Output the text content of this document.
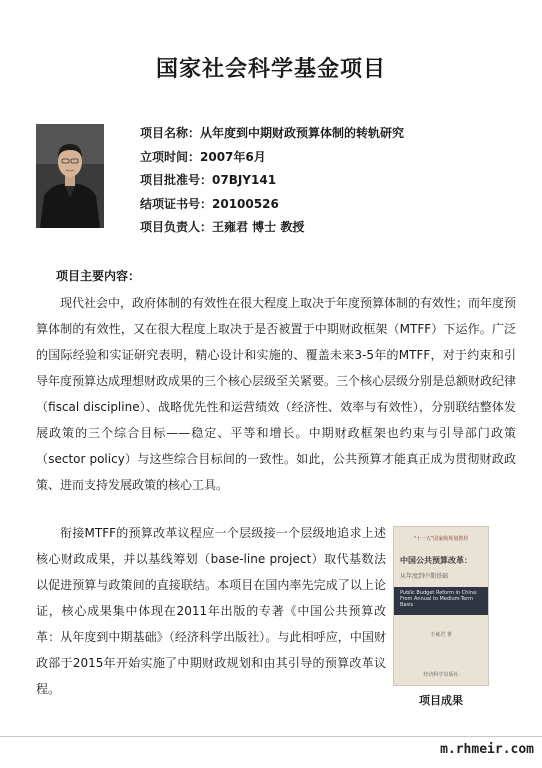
国家社会科学基金项目
项目名称：从年度到中期财政预算体制的转轨研究
立项时间：2007年6月
项目批准号：07BJY141
结项证书号：20100526
项目负责人：王雍君 博士 教授
项目主要内容：

现代社会中，政府体制的有效性在很大程度上取决于年度预算体制的有效性；而年度预算体制的有效性，又在很大程度上取决于是否被置于中期财政框架（MTFF）下运作。广泛的国际经验和实证研究表明，精心设计和实施的、覆盖未来3-5年的MTFF，对于约束和引导年度预算达成理想财政成果的三个核心层级至关紧要。三个核心层级分别是总额财政纪律（fiscal discipline）、战略优先性和运营绩效（经济性、效率与有效性），分别联结整体发展政策的三个综合目标——稳定、平等和增长。中期财政框架也约束与引导部门政策（sector policy）与这些综合目标间的一致性。如此，公共预算才能真正成为贯彻财政政策、进而支持发展政策的核心工具。

衔接MTFF的预算改革议程应一个层级接一个层级地追求上述核心财政成果，并以基线筹划（base-line project）取代基数法以促进预算与政策间的直接联结。本项目在国内率先完成了以上论证，核心成果集中体现在2011年出版的专著《中国公共预算改革：从年度到中期基础》（经济科学出版社）。与此相呼应，中国财政部于2015年开始实施了中期财政规划和由其引导的预算改革议程。

"十一五"国家级规划教材
中国公共预算改革：
从年度到中期基础
Public Budget Reform in China: From Annual to Medium-Term Basis
王雍君 著
经济科学出版社
项目成果
m.rhmeir.com
